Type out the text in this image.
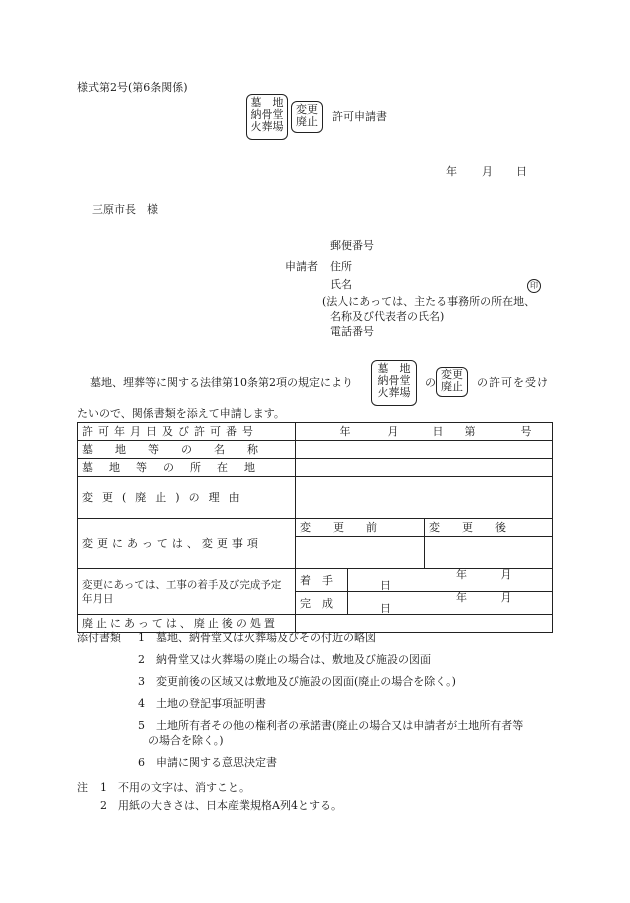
様式第2号(第6条関係)
墓　地
納骨堂
火葬場
変更
廃止	許可申請書
年 月 日
三原市長　様
郵便番号
申請者 住所
氏名	印
(法人にあっては、主たる事務所の所在地、
名称及び代表者の氏名)
電話番号
墓地、埋葬等に関する法律第10条第2項の規定により
墓　地
納骨堂
火葬場
の
変更
廃止	の許可を受け
たいので、関係書類を添えて申請します。
許可年月日及び許可番号	年 月 日 第 号		

墓地等の名称			
墓地等の所在地			
変更(廃止)の理由			
変更にあっては、変更事項	変　　更　　前		変　　更　　後

変更にあっては、工事の着手及び完成予定年月日	着　手	年 月 日	
	完　成	年 月 日	
廃止にあっては、廃止後の処置			
添付書類 1　墓地、納骨堂又は火葬場及びその付近の略図
2　納骨堂又は火葬場の廃止の場合は、敷地及び施設の図面
3　変更前後の区域又は敷地及び施設の図面(廃止の場合を除く。)
4　土地の登記事項証明書
5　土地所有者その他の権利者の承諾書(廃止の場合又は申請者が土地所有者等
の場合を除く。)
6　申請に関する意思決定書
注 1　不用の文字は、消すこと。
2　用紙の大きさは、日本産業規格A列4とする。
